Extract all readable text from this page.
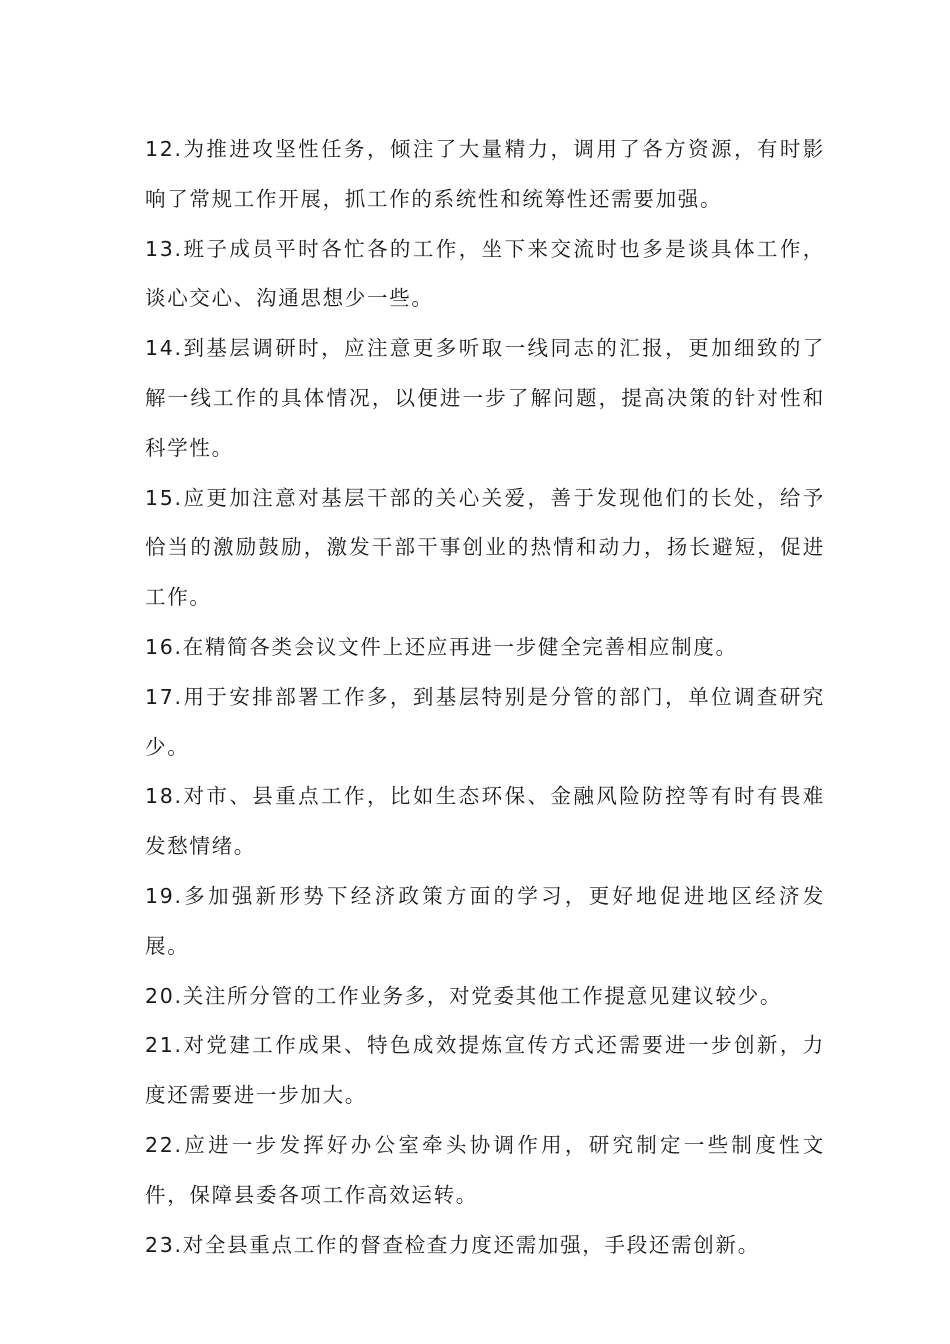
12.为推进攻坚性任务，倾注了大量精力，调用了各方资源，有时影响了常规工作开展，抓工作的系统性和统筹性还需要加强。

13.班子成员平时各忙各的工作，坐下来交流时也多是谈具体工作，谈心交心、沟通思想少一些。

14.到基层调研时，应注意更多听取一线同志的汇报，更加细致的了解一线工作的具体情况，以便进一步了解问题，提高决策的针对性和科学性。

15.应更加注意对基层干部的关心关爱，善于发现他们的长处，给予恰当的激励鼓励，激发干部干事创业的热情和动力，扬长避短，促进工作。

16.在精简各类会议文件上还应再进一步健全完善相应制度。

17.用于安排部署工作多，到基层特别是分管的部门，单位调查研究少。

18.对市、县重点工作，比如生态环保、金融风险防控等有时有畏难发愁情绪。

19.多加强新形势下经济政策方面的学习，更好地促进地区经济发展。

20.关注所分管的工作业务多，对党委其他工作提意见建议较少。

21.对党建工作成果、特色成效提炼宣传方式还需要进一步创新，力度还需要进一步加大。

22.应进一步发挥好办公室牵头协调作用，研究制定一些制度性文件，保障县委各项工作高效运转。

23.对全县重点工作的督查检查力度还需加强，手段还需创新。
